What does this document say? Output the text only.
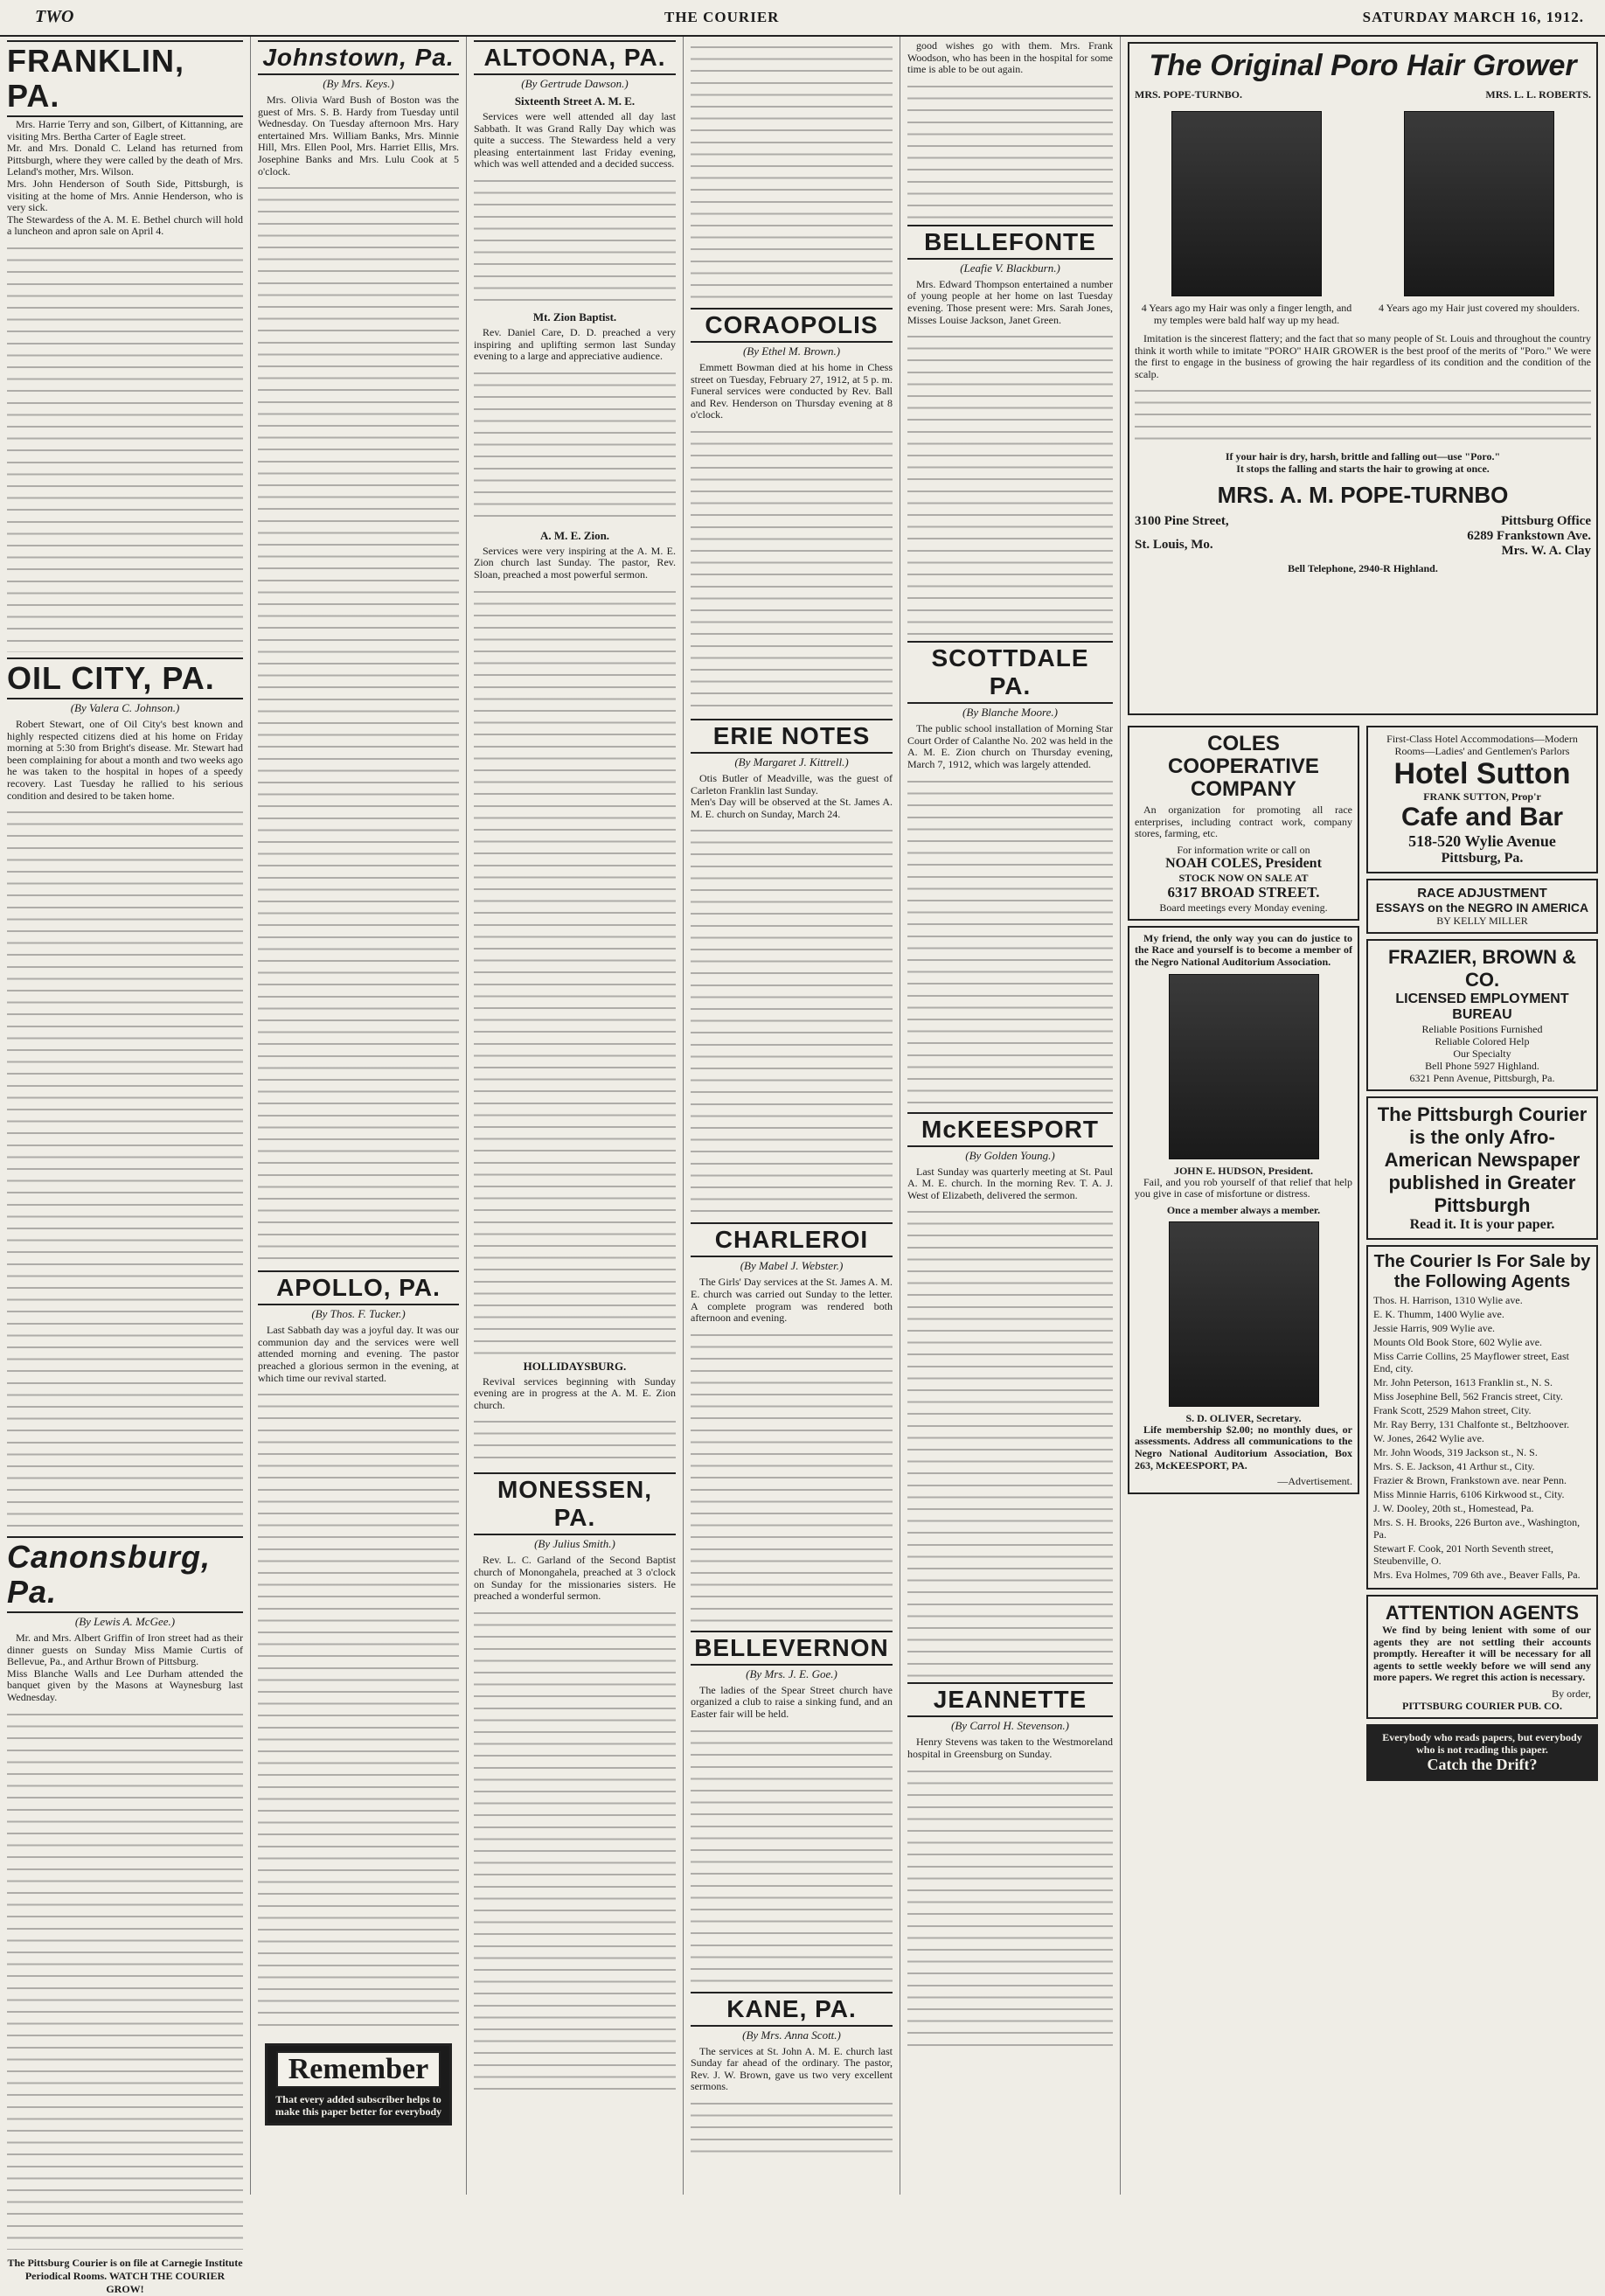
TWO	THE COURIER	SATURDAY MARCH 16, 1912.
FRANKLIN, PA.

Mrs. Harrie Terry and son, Gilbert, of Kittanning, are visiting Mrs. Bertha Carter of Eagle street.
Mr. and Mrs. Donald C. Leland has returned from Pittsburgh, where they were called by the death of Mrs. Leland's mother, Mrs. Wilson.
Mrs. John Henderson of South Side, Pittsburgh, is visiting at the home of Mrs. Annie Henderson, who is very sick.
The Stewardess of the A. M. E. Bethel church will hold a luncheon and apron sale on April 4.

OIL CITY, PA.
(By Valera C. Johnson.)

Robert Stewart, one of Oil City's best known and highly respected citizens died at his home on Friday morning at 5:30 from Bright's disease. Mr. Stewart had been complaining for about a month and two weeks ago he was taken to the hospital in hopes of a speedy recovery. Last Tuesday he rallied to his serious condition and desired to be taken home.

Canonsburg, Pa.
(By Lewis A. McGee.)

Mr. and Mrs. Albert Griffin of Iron street had as their dinner guests on Sunday Miss Mamie Curtis of Bellevue, Pa., and Arthur Brown of Pittsburg.
Miss Blanche Walls and Lee Durham attended the banquet given by the Masons at Waynesburg last Wednesday.

The Pittsburg Courier is on file at Carnegie Institute Periodical Rooms. WATCH THE COURIER GROW!
Johnstown, Pa.
(By Mrs. Keys.)

Mrs. Olivia Ward Bush of Boston was the guest of Mrs. S. B. Hardy from Tuesday until Wednesday. On Tuesday afternoon Mrs. Hary entertained Mrs. William Banks, Mrs. Minnie Hill, Mrs. Ellen Pool, Mrs. Harriet Ellis, Mrs. Josephine Banks and Mrs. Lulu Cook at 5 o'clock.

APOLLO, PA.
(By Thos. F. Tucker.)

Last Sabbath day was a joyful day. It was our communion day and the services were well attended morning and evening. The pastor preached a glorious sermon in the evening, at which time our revival started.

Remember
That every added subscriber helps to make this paper better for everybody
ALTOONA, PA.
(By Gertrude Dawson.)
Sixteenth Street A. M. E.

Services were well attended all day last Sabbath. It was Grand Rally Day which was quite a success. The Stewardess held a very pleasing entertainment last Friday evening, which was well attended and a decided success.

Mt. Zion Baptist.

Rev. Daniel Care, D. D. preached a very inspiring and uplifting sermon last Sunday evening to a large and appreciative audience.

A. M. E. Zion.

Services were very inspiring at the A. M. E. Zion church last Sunday. The pastor, Rev. Sloan, preached a most powerful sermon.

HOLLIDAYSBURG.

Revival services beginning with Sunday evening are in progress at the A. M. E. Zion church.

MONESSEN, PA.
(By Julius Smith.)

Rev. L. C. Garland of the Second Baptist church of Monongahela, preached at 3 o'clock on Sunday for the missionaries sisters. He preached a wonderful sermon.

CORAOPOLIS
(By Ethel M. Brown.)

Emmett Bowman died at his home in Chess street on Tuesday, February 27, 1912, at 5 p. m. Funeral services were conducted by Rev. Ball and Rev. Henderson on Thursday evening at 8 o'clock.

ERIE NOTES
(By Margaret J. Kittrell.)

Otis Butler of Meadville, was the guest of Carleton Franklin last Sunday.
Men's Day will be observed at the St. James A. M. E. church on Sunday, March 24.

CHARLEROI
(By Mabel J. Webster.)

The Girls' Day services at the St. James A. M. E. church was carried out Sunday to the letter. A complete program was rendered both afternoon and evening.

BELLEVERNON
(By Mrs. J. E. Goe.)

The ladies of the Spear Street church have organized a club to raise a sinking fund, and an Easter fair will be held.

KANE, PA.
(By Mrs. Anna Scott.)

The services at St. John A. M. E. church last Sunday far ahead of the ordinary. The pastor, Rev. J. W. Brown, gave us two very excellent sermons.

good wishes go with them. Mrs. Frank Woodson, who has been in the hospital for some time is able to be out again.

BELLEFONTE
(Leafie V. Blackburn.)

Mrs. Edward Thompson entertained a number of young people at her home on last Tuesday evening. Those present were: Mrs. Sarah Jones, Misses Louise Jackson, Janet Green.

SCOTTDALE PA.
(By Blanche Moore.)

The public school installation of Morning Star Court Order of Calanthe No. 202 was held in the A. M. E. Zion church on Thursday evening, March 7, 1912, which was largely attended.

McKEESPORT
(By Golden Young.)

Last Sunday was quarterly meeting at St. Paul A. M. E. church. In the morning Rev. T. A. J. West of Elizabeth, delivered the sermon.

JEANNETTE
(By Carrol H. Stevenson.)

Henry Stevens was taken to the Westmoreland hospital in Greensburg on Sunday.

The Original Poro Hair Grower
MRS. POPE-TURNBO.	MRS. L. L. ROBERTS.
4 Years ago my Hair was only a finger length, and my temples were bald half way up my head.
4 Years ago my Hair just covered my shoulders.

Imitation is the sincerest flattery; and the fact that so many people of St. Louis and throughout the country think it worth while to imitate "PORO" HAIR GROWER is the best proof of the merits of "Poro." We were the first to engage in the business of growing the hair regardless of its condition and the condition of the scalp.

If your hair is dry, harsh, brittle and falling out—use "Poro."
It stops the falling and starts the hair to growing at once.
MRS. A. M. POPE-TURNBO
3100 Pine Street,
St. Louis, Mo.
Pittsburg Office
6289 Frankstown Ave.
Mrs. W. A. Clay
Bell Telephone, 2940-R Highland.
COLES COOPERATIVE COMPANY

An organization for promoting all race enterprises, including contract work, company stores, farming, etc.

For information write or call on
NOAH COLES, President
STOCK NOW ON SALE AT
6317 BROAD STREET.
Board meetings every Monday evening.

My friend, the only way you can do justice to the Race and yourself is to become a member of the Negro National Auditorium Association.

JOHN E. HUDSON, President.

Fail, and you rob yourself of that relief that help you give in case of misfortune or distress.

Once a member always a member.
S. D. OLIVER, Secretary.

Life membership $2.00; no monthly dues, or assessments. Address all communications to the Negro National Auditorium Association, Box 263, McKEESPORT, PA.

—Advertisement.
First-Class Hotel Accommodations—Modern Rooms—Ladies' and Gentlemen's Parlors
Hotel Sutton
FRANK SUTTON, Prop'r
Cafe and Bar
518-520 Wylie Avenue
Pittsburg, Pa.
RACE ADJUSTMENT
ESSAYS on the NEGRO IN AMERICA
BY KELLY MILLER
FRAZIER, BROWN & CO.
LICENSED EMPLOYMENT BUREAU
Reliable Positions Furnished
Reliable Colored Help
Our Specialty
Bell Phone 5927 Highland.
6321 Penn Avenue, Pittsburgh, Pa.
The Pittsburgh Courier is the only Afro-American Newspaper published in Greater Pittsburgh
Read it. It is your paper.
The Courier Is For Sale by the Following Agents
Thos. H. Harrison, 1310 Wylie ave.
E. K. Thumm, 1400 Wylie ave.
Jessie Harris, 909 Wylie ave.
Mounts Old Book Store, 602 Wylie ave.
Miss Carrie Collins, 25 Mayflower street, East End, city.
Mr. John Peterson, 1613 Franklin st., N. S.
Miss Josephine Bell, 562 Francis street, City.
Frank Scott, 2529 Mahon street, City.
Mr. Ray Berry, 131 Chalfonte st., Beltzhoover.
W. Jones, 2642 Wylie ave.
Mr. John Woods, 319 Jackson st., N. S.
Mrs. S. E. Jackson, 41 Arthur st., City.
Frazier & Brown, Frankstown ave. near Penn.
Miss Minnie Harris, 6106 Kirkwood st., City.
J. W. Dooley, 20th st., Homestead, Pa.
Mrs. S. H. Brooks, 226 Burton ave., Washington, Pa.
Stewart F. Cook, 201 North Seventh street, Steubenville, O.
Mrs. Eva Holmes, 709 6th ave., Beaver Falls, Pa.
ATTENTION AGENTS

We find by being lenient with some of our agents they are not settling their accounts promptly. Hereafter it will be necessary for all agents to settle weekly before we will send any more papers. We regret this action is necessary.

By order,
PITTSBURG COURIER PUB. CO.
Everybody who reads papers, but everybody who is not reading this paper.
Catch the Drift?
